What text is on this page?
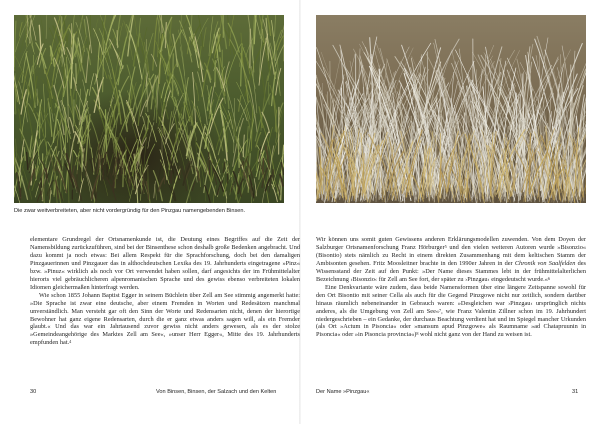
Die zwar weitverbreiteten, aber nicht vordergründig für den Pinzgau namengebenden Binsen.

elementare Grundregel der Ortsnamenkunde ist, die Deutung eines Begriffes auf die Zeit der Namensbildung zurückzuführen, sind bei der Binsenthese schon deshalb große Bedenken angebracht. Und dazu kommt ja noch etwas: Bei allem Respekt für die Sprachforschung, doch bei den damaligen Pinzgauerinnen und Pinzgauer das in althochdeutschen Lexika des 19. Jahrhunderts eingetragene »Pinz« bzw. »Pinuz« wirklich als noch vor Ort verwendet haben sollen, darf angesichts der im Frühmittelalter hierorts viel gebräuchlicheren alpenromanischen Sprache und des gewiss ebenso verbreiteten lokalen Idiomen gleichermaßen hinterfragt werden.

Wie schon 1855 Johann Baptist Egger in seinem Büchlein über Zell am See stimmig angemerkt hatte: »Die Sprache ist zwar eine deutsche, aber einem Fremden in Worten und Redesätzen manchmal unverständlich. Man versteht gar oft den Sinn der Worte und Redensarten nicht, denen der hierortige Bewohner hat ganz eigene Redensarten, durch die er ganz etwas anders sagen will, als ein Fremder glaubt.« Und das war ein Jahrtausend zuvor gewiss nicht anders gewesen, als es der stolze »Gemeindeangehörige des Marktes Zell am See«, »unser Herr Egger«, Mitte des 19. Jahrhunderts empfunden hat.$^4$

Wir können uns somit guten Gewissens anderen Erklärungsmodellen zuwenden. Von dem Doyen der Salzburger Ortsnamenforschung Franz Hörburger$^5$ und den vielen weiteren Autoren wurde »Bisonzio« (Bisontio) stets nämlich zu Recht in einem direkten Zusammenhang mit dem keltischen Stamm der Ambisonten gesehen. Fritz Moosleitner brachte in den 1990er Jahren in der Chronik von Saalfelden des Wissensstand der Zeit auf den Punkt: »Der Name dieses Stammes lebt in der frühmittelalterlichen Bezeichnung ›Bisonzio‹ für Zell am See fort, der später zu ›Pinzgau‹ eingedeutscht wurde.«$^6$

Eine Denkvariante wäre zudem, dass beide Namensformen über eine längere Zeitspanne sowohl für den Ort Bisontio mit seiner Cella als auch für die Gegend Pinzgowe nicht nur zeitlich, sondern darüber hinaus räumlich nebeneinander in Gebrauch waren: »Desgleichen war ›Pinzgau‹ ursprünglich nichts anderes, als die Umgebung von Zell am See«$^7$, wie Franz Valentin Zillner schon im 19. Jahrhundert niedergeschrieben – ein Gedanke, der durchaus Beachtung verdient hat und im Spiegel mancher Urkunden (als Ort »Actum in Pisoncia« oder »mansum apud Pinzgowe« als Raumname »ad Chatapruunin in Pisoncia« oder »in Pisoncia provincia«)$^8$ wohl nicht ganz von der Hand zu weisen ist.

30	Von Binsen, Binsen, der Salzach und den Kelten	Der Name »Pinzgau«	31
